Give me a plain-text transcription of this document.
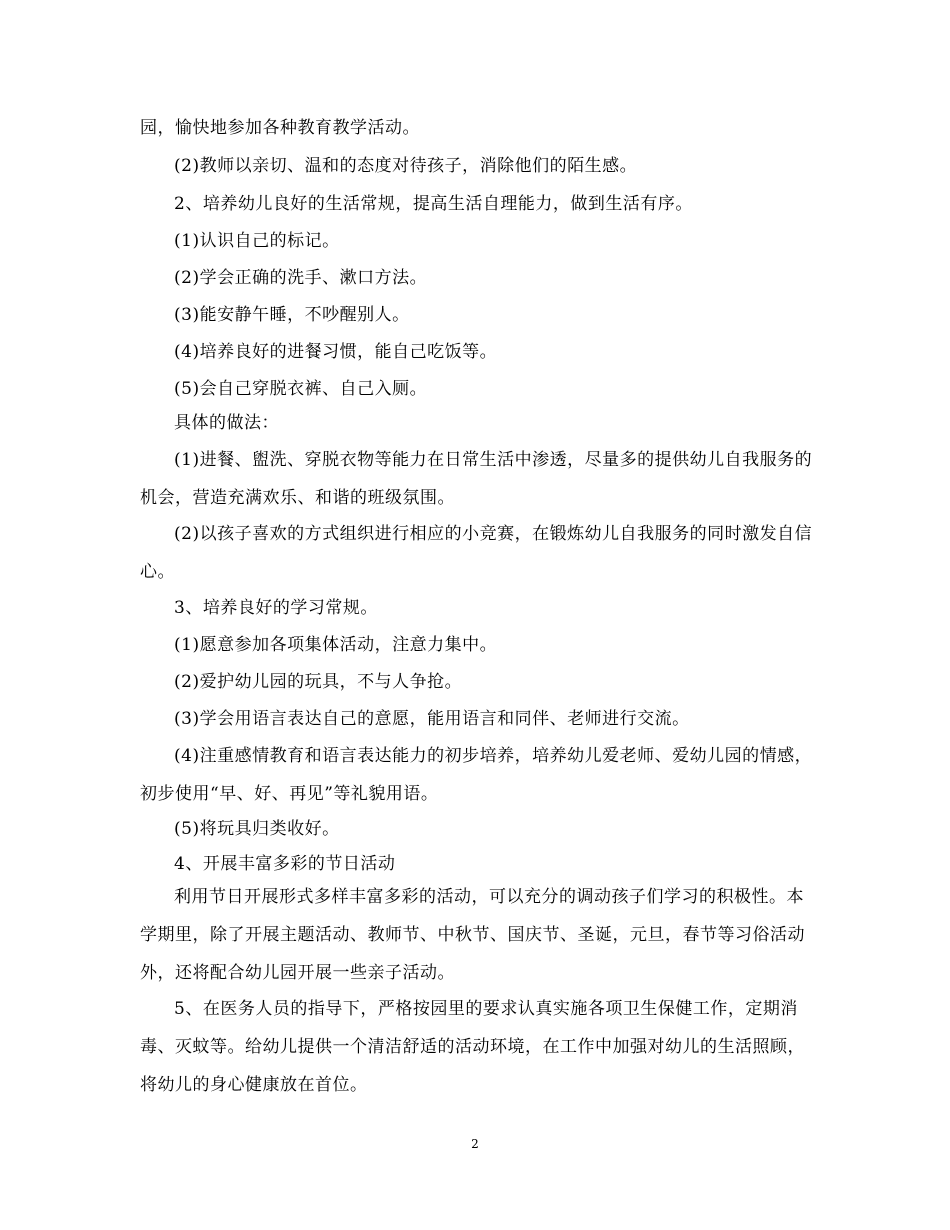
园，愉快地参加各种教育教学活动。

(2)教师以亲切、温和的态度对待孩子，消除他们的陌生感。

2、培养幼儿良好的生活常规，提高生活自理能力，做到生活有序。

(1)认识自己的标记。

(2)学会正确的洗手、漱口方法。

(3)能安静午睡，不吵醒别人。

(4)培养良好的进餐习惯，能自己吃饭等。

(5)会自己穿脱衣裤、自己入厕。

具体的做法：

(1)进餐、盥洗、穿脱衣物等能力在日常生活中渗透，尽量多的提供幼儿自我服务的机会，营造充满欢乐、和谐的班级氛围。

(2)以孩子喜欢的方式组织进行相应的小竞赛，在锻炼幼儿自我服务的同时激发自信心。

3、培养良好的学习常规。

(1)愿意参加各项集体活动，注意力集中。

(2)爱护幼儿园的玩具，不与人争抢。

(3)学会用语言表达自己的意愿，能用语言和同伴、老师进行交流。

(4)注重感情教育和语言表达能力的初步培养，培养幼儿爱老师、爱幼儿园的情感，初步使用“早、好、再见”等礼貌用语。

(5)将玩具归类收好。

4、开展丰富多彩的节日活动

利用节日开展形式多样丰富多彩的活动，可以充分的调动孩子们学习的积极性。本学期里，除了开展主题活动、教师节、中秋节、国庆节、圣诞，元旦，春节等习俗活动外，还将配合幼儿园开展一些亲子活动。

5、在医务人员的指导下，严格按园里的要求认真实施各项卫生保健工作，定期消毒、灭蚊等。给幼儿提供一个清洁舒适的活动环境，在工作中加强对幼儿的生活照顾，将幼儿的身心健康放在首位。

2
